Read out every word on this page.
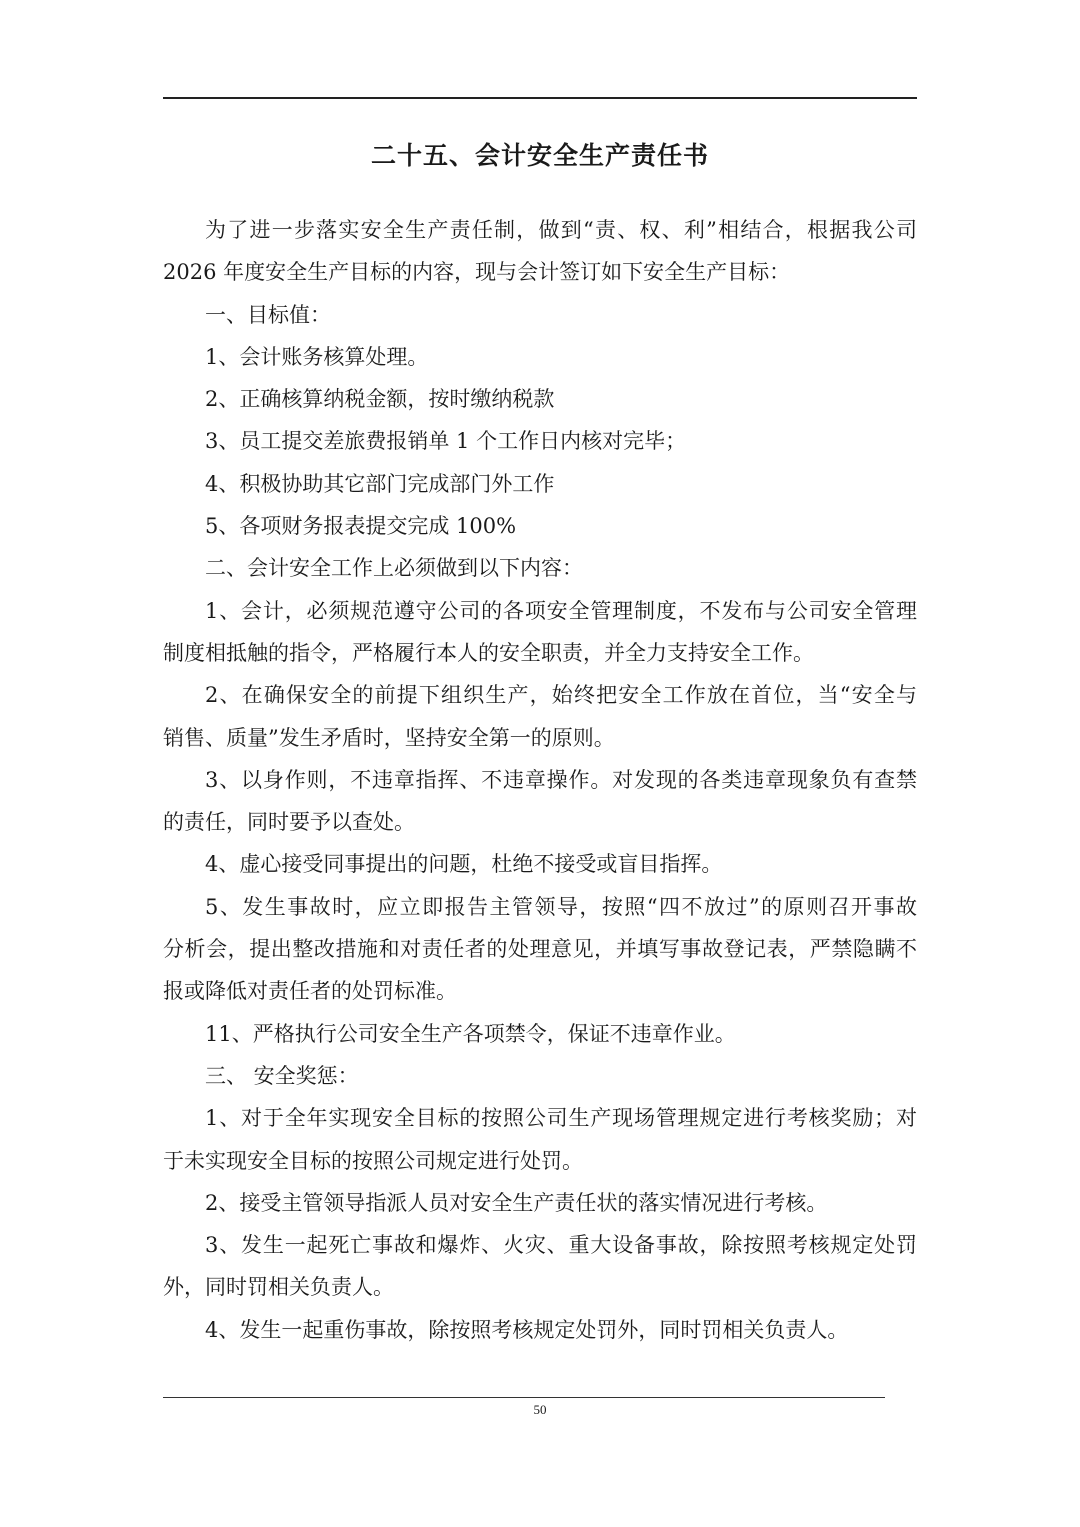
二十五、会计安全生产责任书
为了进一步落实安全生产责任制，做到“责、权、利”相结合，根据我公司
2026 年度安全生产目标的内容，现与会计签订如下安全生产目标：
一、目标值：
1、会计账务核算处理。
2、正确核算纳税金额，按时缴纳税款
3、员工提交差旅费报销单 1 个工作日内核对完毕；
4、积极协助其它部门完成部门外工作
5、各项财务报表提交完成 100%
二、会计安全工作上必须做到以下内容：
1、会计，必须规范遵守公司的各项安全管理制度，不发布与公司安全管理
制度相抵触的指令，严格履行本人的安全职责，并全力支持安全工作。
2、在确保安全的前提下组织生产，始终把安全工作放在首位，当“安全与
销售、质量”发生矛盾时，坚持安全第一的原则。
3、以身作则，不违章指挥、不违章操作。对发现的各类违章现象负有查禁
的责任，同时要予以查处。
4、虚心接受同事提出的问题，杜绝不接受或盲目指挥。
5、发生事故时，应立即报告主管领导，按照“四不放过”的原则召开事故
分析会，提出整改措施和对责任者的处理意见，并填写事故登记表，严禁隐瞒不
报或降低对责任者的处罚标准。
11、严格执行公司安全生产各项禁令，保证不违章作业。
三、 安全奖惩：
1、对于全年实现安全目标的按照公司生产现场管理规定进行考核奖励；对
于未实现安全目标的按照公司规定进行处罚。
2、接受主管领导指派人员对安全生产责任状的落实情况进行考核。
3、发生一起死亡事故和爆炸、火灾、重大设备事故，除按照考核规定处罚
外，同时罚相关负责人。
4、发生一起重伤事故，除按照考核规定处罚外，同时罚相关负责人。
50
